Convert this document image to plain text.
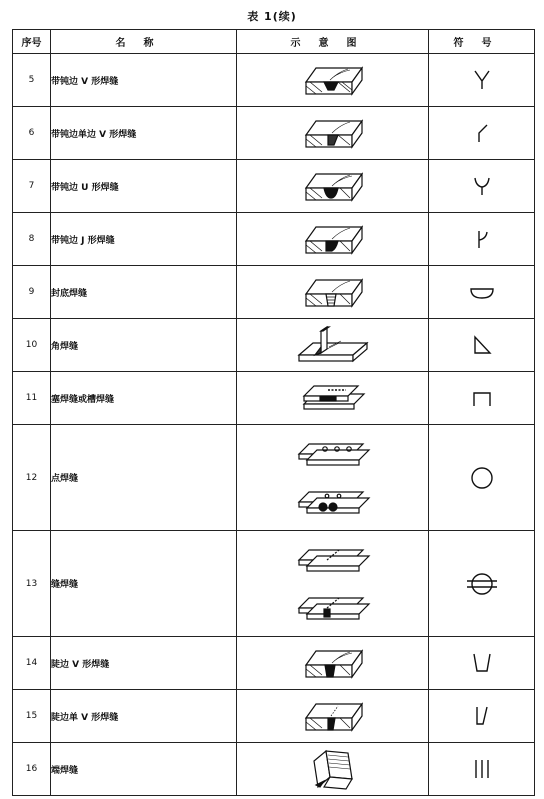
表 1(续)
序号	名称	示意图	符号
5	带钝边 V 形焊缝		
6	带钝边单边 V 形焊缝		
7	带钝边 U 形焊缝		
8	带钝边 J 形焊缝		
9	封底焊缝		
10	角焊缝		
11	塞焊缝或槽焊缝		
12	点焊缝		
13	缝焊缝		
14	陡边 V 形焊缝		
15	陡边单 V 形焊缝		
16	端焊缝		
